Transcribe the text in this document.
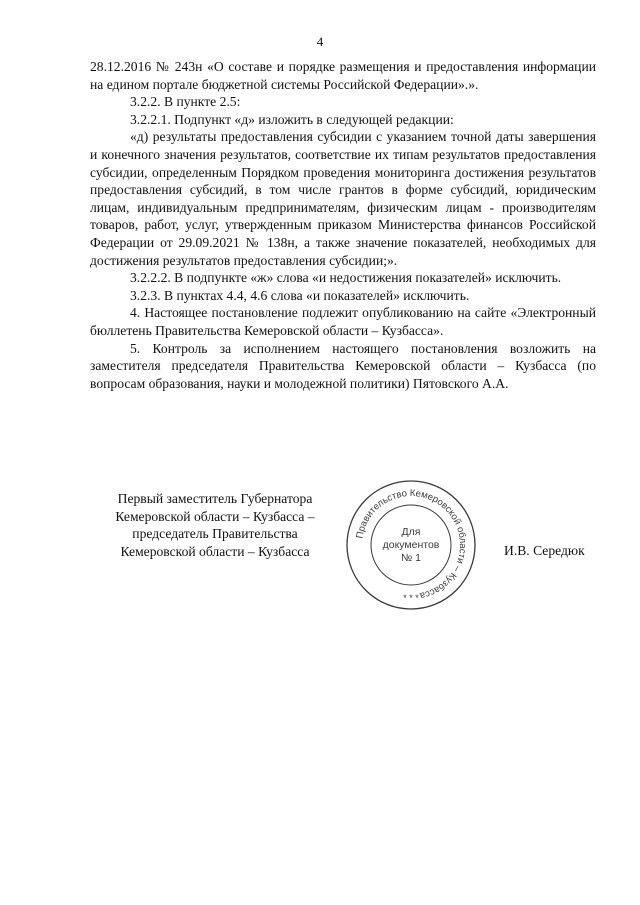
4

28.12.2016 № 243н «О составе и порядке размещения и предоставления информации на едином портале бюджетной системы Российской Федерации».».

3.2.2. В пункте 2.5:

3.2.2.1. Подпункт «д» изложить в следующей редакции:

«д) результаты предоставления субсидии с указанием точной даты завершения и конечного значения результатов, соответствие их типам результатов предоставления субсидии, определенным Порядком проведения мониторинга достижения результатов предоставления субсидий, в том числе грантов в форме субсидий, юридическим лицам, индивидуальным предпринимателям, физическим лицам - производителям товаров, работ, услуг, утвержденным приказом Министерства финансов Российской Федерации от 29.09.2021 № 138н, а также значение показателей, необходимых для достижения результатов предоставления субсидии;».

3.2.2.2. В подпункте «ж» слова «и недостижения показателей» исключить.

3.2.3. В пунктах 4.4, 4.6 слова «и показателей» исключить.

4. Настоящее постановление подлежит опубликованию на сайте «Электронный бюллетень Правительства Кемеровской области – Кузбасса».

5. Контроль за исполнением настоящего постановления возложить на заместителя председателя Правительства Кемеровской области – Кузбасса (по вопросам образования, науки и молодежной политики) Пятовского А.А.

Первый заместитель Губернатора
Кемеровской области – Кузбасса –
председатель Правительства
Кемеровской области – Кузбасса
Правительство Кемеровской области – Кузбасса
* * *
Для
документов
№ 1	И.В. Середюк
